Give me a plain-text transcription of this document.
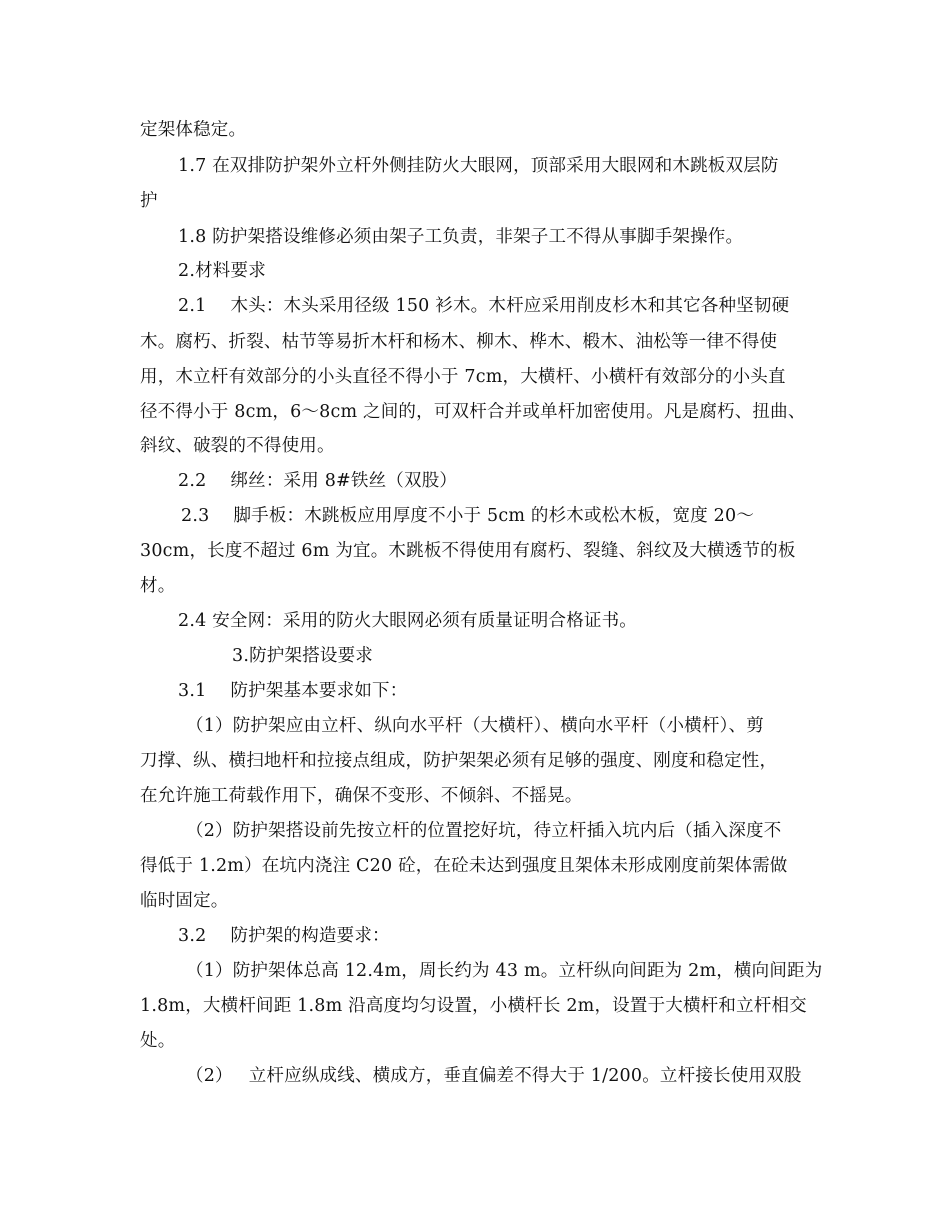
定架体稳定。
1.7 在双排防护架外立杆外侧挂防火大眼网，顶部采用大眼网和木跳板双层防
护
1.8 防护架搭设维修必须由架子工负责，非架子工不得从事脚手架操作。
2.材料要求
2.1 木头：木头采用径级 150 衫木。木杆应采用削皮杉木和其它各种坚韧硬
木。腐朽、折裂、枯节等易折木杆和杨木、柳木、桦木、椴木、油松等一律不得使
用，木立杆有效部分的小头直径不得小于 7cm，大横杆、小横杆有效部分的小头直
径不得小于 8cm，6～8cm 之间的，可双杆合并或单杆加密使用。凡是腐朽、扭曲、
斜纹、破裂的不得使用。
2.2 绑丝：采用 8#铁丝（双股）
2.3 脚手板：木跳板应用厚度不小于 5cm 的杉木或松木板，宽度 20～
30cm，长度不超过 6m 为宜。木跳板不得使用有腐朽、裂缝、斜纹及大横透节的板
材。
2.4 安全网：采用的防火大眼网必须有质量证明合格证书。
3.防护架搭设要求
3.1 防护架基本要求如下：
（1）防护架应由立杆、纵向水平杆（大横杆）、横向水平杆（小横杆）、剪
刀撑、纵、横扫地杆和拉接点组成，防护架架必须有足够的强度、刚度和稳定性，
在允许施工荷载作用下，确保不变形、不倾斜、不摇晃。
（2）防护架搭设前先按立杆的位置挖好坑，待立杆插入坑内后（插入深度不
得低于 1.2m）在坑内浇注 C20 砼，在砼未达到强度且架体未形成刚度前架体需做
临时固定。
3.2 防护架的构造要求：
（1）防护架体总高 12.4m，周长约为 43 m。立杆纵向间距为 2m，横向间距为
1.8m，大横杆间距 1.8m 沿高度均匀设置，小横杆长 2m，设置于大横杆和立杆相交
处。
（2） 立杆应纵成线、横成方，垂直偏差不得大于 1/200。立杆接长使用双股
